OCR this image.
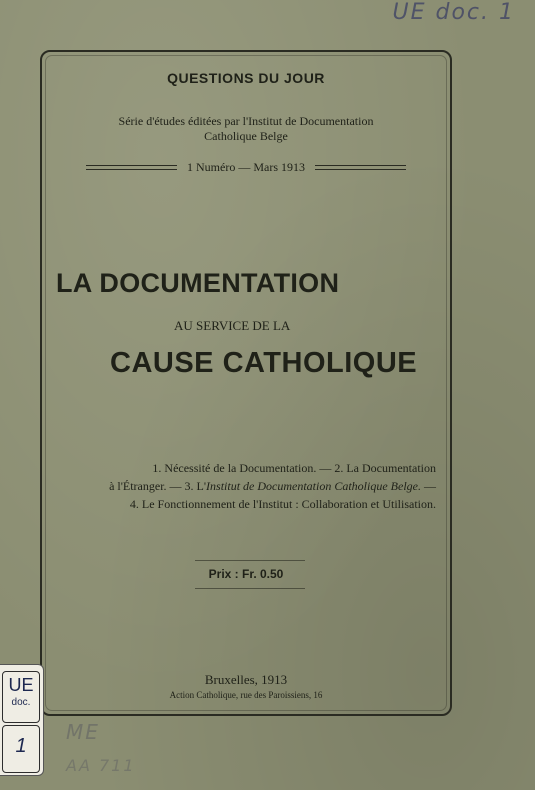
UE doc. 1
QUESTIONS DU JOUR
Série d'études éditées par l'Institut de Documentation
Catholique Belge
1 Numéro — Mars 1913
LA DOCUMENTATION
AU SERVICE DE LA
CAUSE CATHOLIQUE
1. Nécessité de la Documentation. — 2. La Documentation
à l'Étranger. — 3. L'Institut de Documentation Catholique Belge. —
4. Le Fonctionnement de l'Institut : Collaboration et Utilisation.
Prix : Fr. 0.50
Bruxelles, 1913
Action Catholique, rue des Paroissiens, 16
UE
doc.
1
ME
AA 711
